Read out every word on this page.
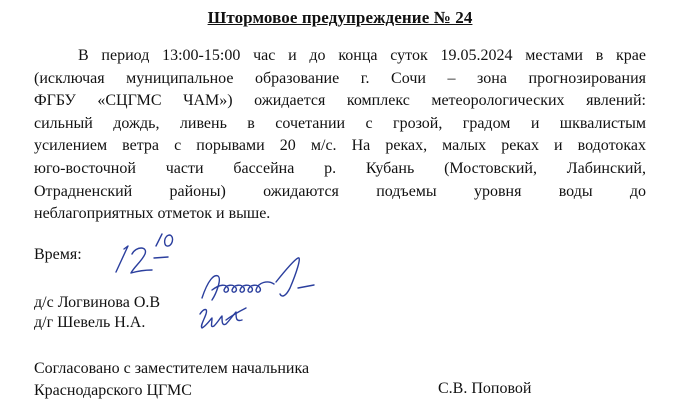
Штормовое предупреждение № 24
В период 13:00-15:00 час и до конца суток 19.05.2024 местами в крае
(исключая муниципальное образование г. Сочи – зона прогнозирования
ФГБУ «СЦГМС ЧАМ») ожидается комплекс метеорологических явлений:
сильный дождь, ливень в сочетании с грозой, градом и шквалистым
усилением ветра с порывами 20 м/с. На реках, малых реках и водотоках
юго-восточной части бассейна р. Кубань (Мостовский, Лабинский,
Отрадненский районы) ожидаются подъемы уровня воды до
неблагоприятных отметок и выше.
Время:
д/с Логвинова О.В
д/г Шевель Н.А.
Согласовано с заместителем начальника
Краснодарского ЦГМС	С.В. Поповой
